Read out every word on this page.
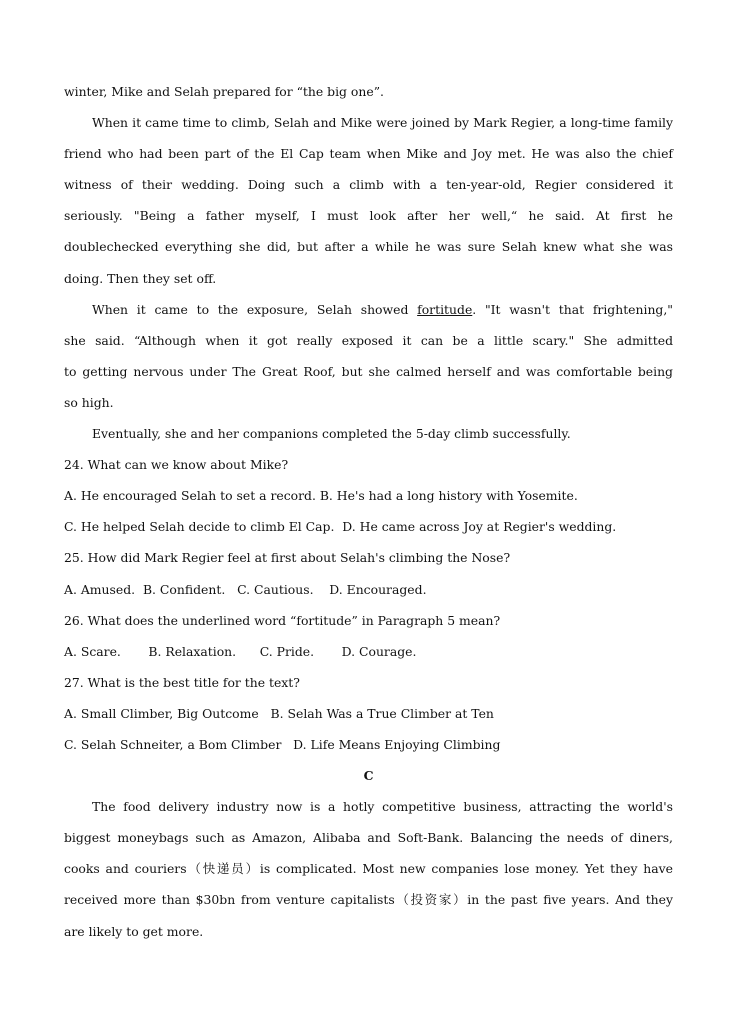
winter, Mike and Selah prepared for “the big one”.
When it came time to climb, Selah and Mike were joined by Mark Regier, a long-time family
friend who had been part of the El Cap team when Mike and Joy met. He was also the chief
witness of their wedding. Doing such a climb with a ten-year-old, Regier considered it
seriously. "Being a father myself, I must look after her well,“ he said. At first he
doublechecked everything she did, but after a while he was sure Selah knew what she was
doing. Then they set off.
When it came to the exposure, Selah showed fortitude. "It wasn't that frightening,"
she said. “Although when it got really exposed it can be a little scary." She admitted
to getting nervous under The Great Roof, but she calmed herself and was comfortable being
so high.
Eventually, she and her companions completed the 5-day climb successfully.
24. What can we know about Mike?
A. He encouraged Selah to set a record. B. He's had a long history with Yosemite.
C. He helped Selah decide to climb El Cap.  D. He came across Joy at Regier's wedding.
25. How did Mark Regier feel at first about Selah's climbing the Nose?
A. Amused.  B. Confident.   C. Cautious.    D. Encouraged.
26. What does the underlined word “fortitude” in Paragraph 5 mean?
A. Scare.       B. Relaxation.      C. Pride.       D. Courage.
27. What is the best title for the text?
A. Small Climber, Big Outcome   B. Selah Was a True Climber at Ten
C. Selah Schneiter, a Bom Climber   D. Life Means Enjoying Climbing
C
The food delivery industry now is a hotly competitive business, attracting the world's
biggest moneybags such as Amazon, Alibaba and Soft-Bank. Balancing the needs of diners,
cooks and couriers（快递员）is complicated. Most new companies lose money. Yet they have
received more than $30bn from venture capitalists（投资家）in the past five years. And they
are likely to get more.
